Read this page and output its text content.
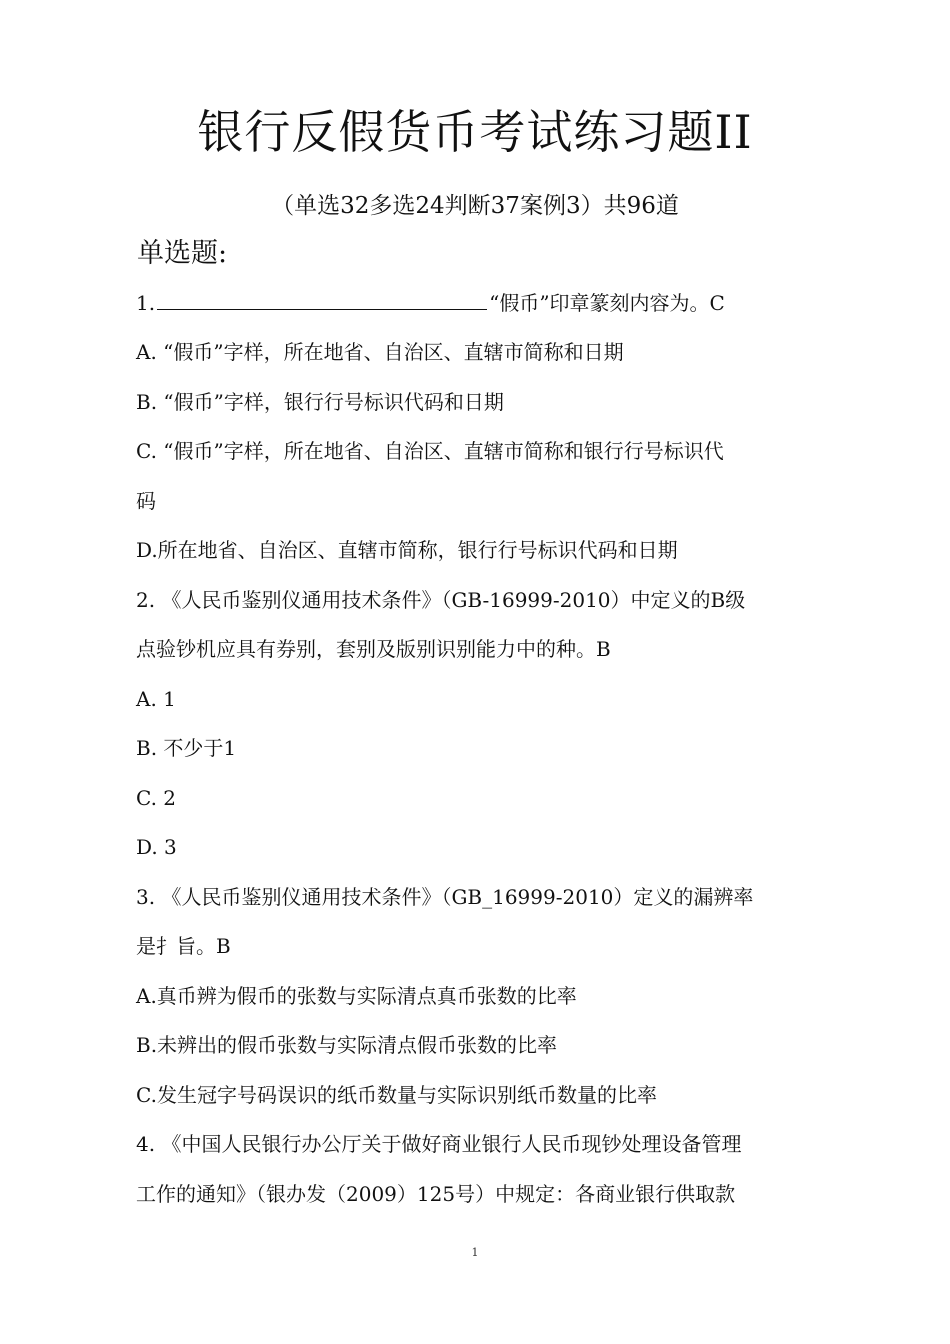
银行反假货币考试练习题II
（单选32多选24判断37案例3）共96道
单选题:
1.	“假币”印章篆刻内容为。C
A. “假币”字样，所在地省、自治区、直辖市简称和日期
B. “假币”字样，银行行号标识代码和日期
C. “假币”字样，所在地省、自治区、直辖市简称和银行行号标识代
码
D.所在地省、自治区、直辖市简称，银行行号标识代码和日期
2. 《人民币鉴别仪通用技术条件》（GB-16999-2010）中定义的B级
点验钞机应具有券别，套别及版别识别能力中的种。B
A. 1
B. 不少于1
C. 2
D. 3
3. 《人民币鉴别仪通用技术条件》（GB_16999-2010）定义的漏辨率
是扌旨。B
A.真币辨为假币的张数与实际清点真币张数的比率
B.未辨出的假币张数与实际清点假币张数的比率
C.发生冠字号码误识的纸币数量与实际识别纸币数量的比率
4. 《中国人民银行办公厅关于做好商业银行人民币现钞处理设备管理
工作的通知》（银办发（2009）125号）中规定：各商业银行供取款
1
